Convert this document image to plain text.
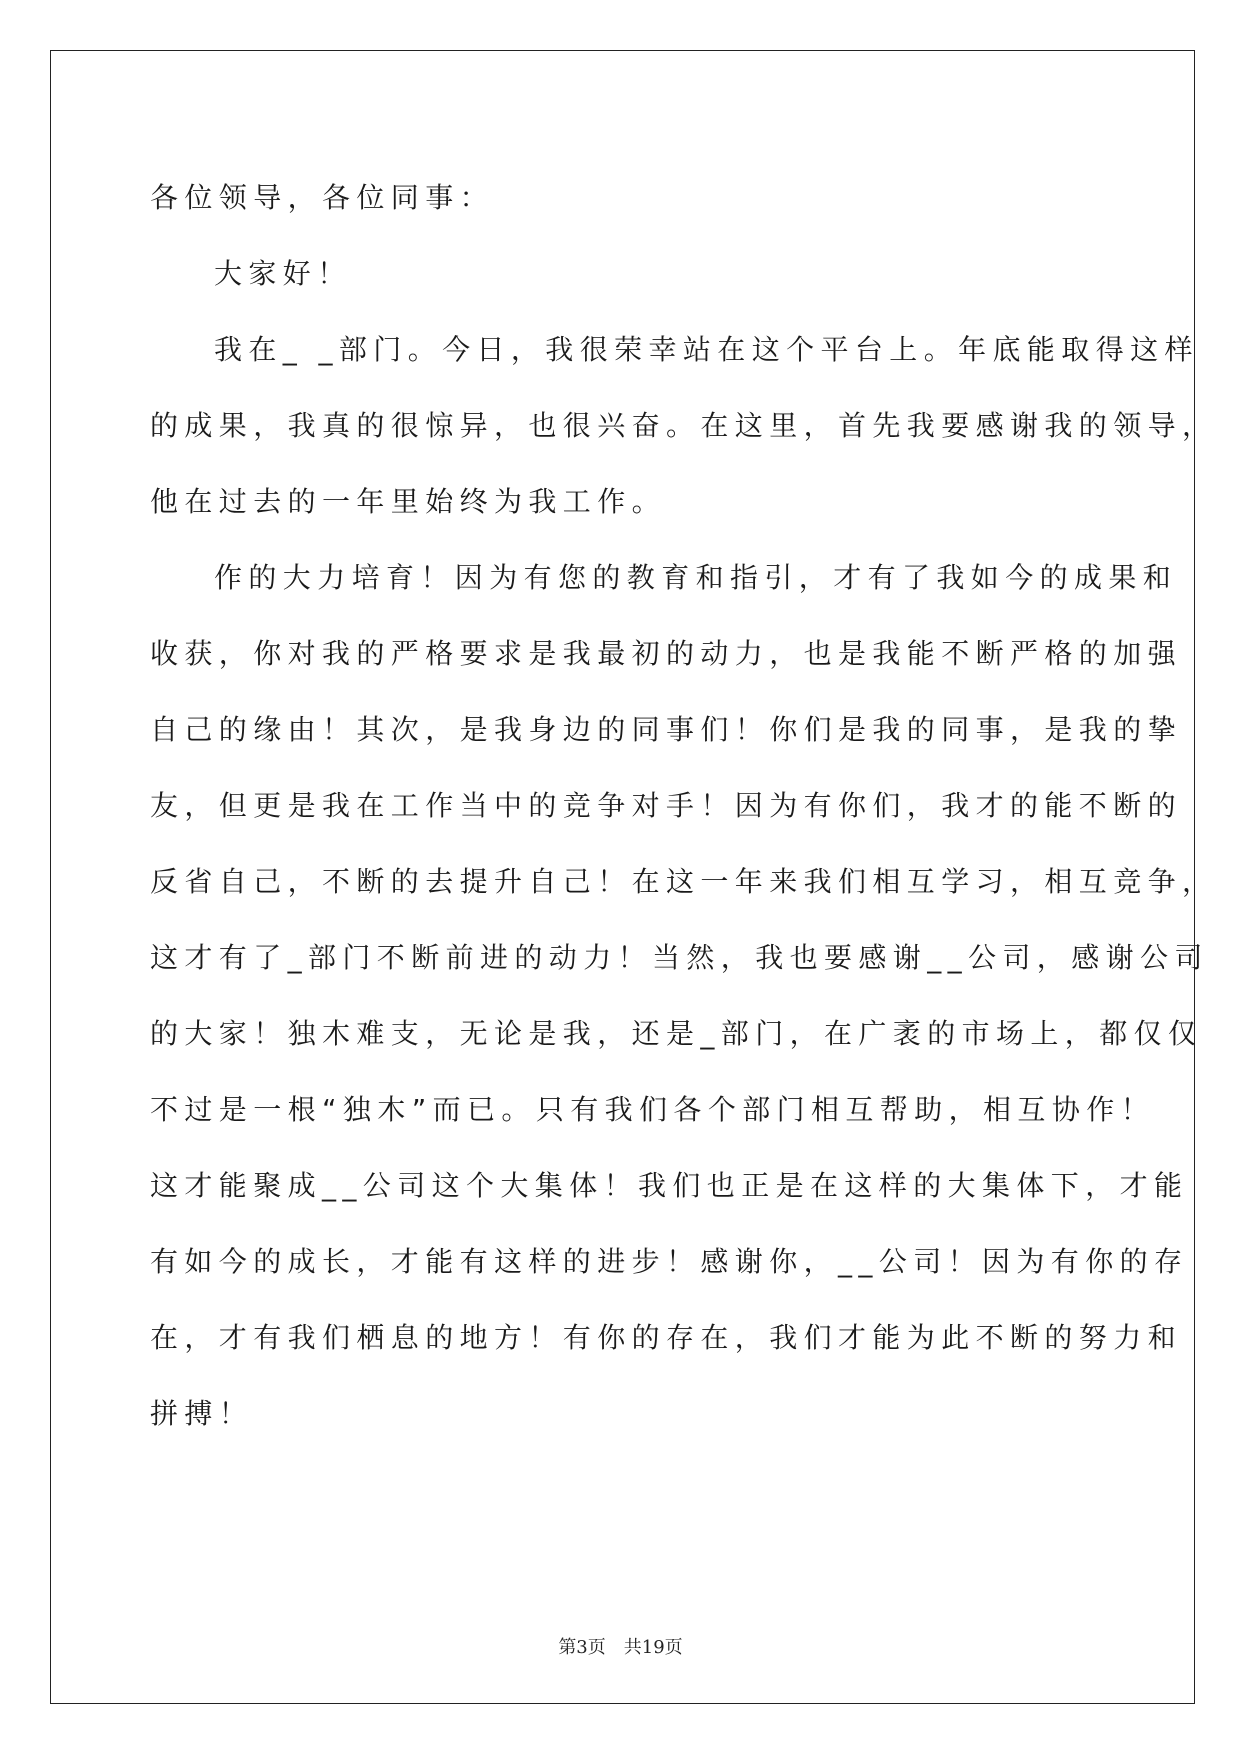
各位领导，各位同事：

大家好！

我在_ _部门。今日，我很荣幸站在这个平台上。年底能取得这样
的成果，我真的很惊异，也很兴奋。在这里，首先我要感谢我的领导，
他在过去的一年里始终为我工作。

作的大力培育！因为有您的教育和指引，才有了我如今的成果和
收获，你对我的严格要求是我最初的动力，也是我能不断严格的加强
自己的缘由！其次，是我身边的同事们！你们是我的同事，是我的挚
友，但更是我在工作当中的竞争对手！因为有你们，我才的能不断的
反省自己，不断的去提升自己！在这一年来我们相互学习，相互竞争，
这才有了_部门不断前进的动力！当然，我也要感谢__公司，感谢公司
的大家！独木难支，无论是我，还是_部门，在广袤的市场上，都仅仅
不过是一根“独木”而已。只有我们各个部门相互帮助，相互协作！
这才能聚成__公司这个大集体！我们也正是在这样的大集体下，才能
有如今的成长，才能有这样的进步！感谢你，__公司！因为有你的存
在，才有我们栖息的地方！有你的存在，我们才能为此不断的努力和
拼搏！

第3页 共19页
